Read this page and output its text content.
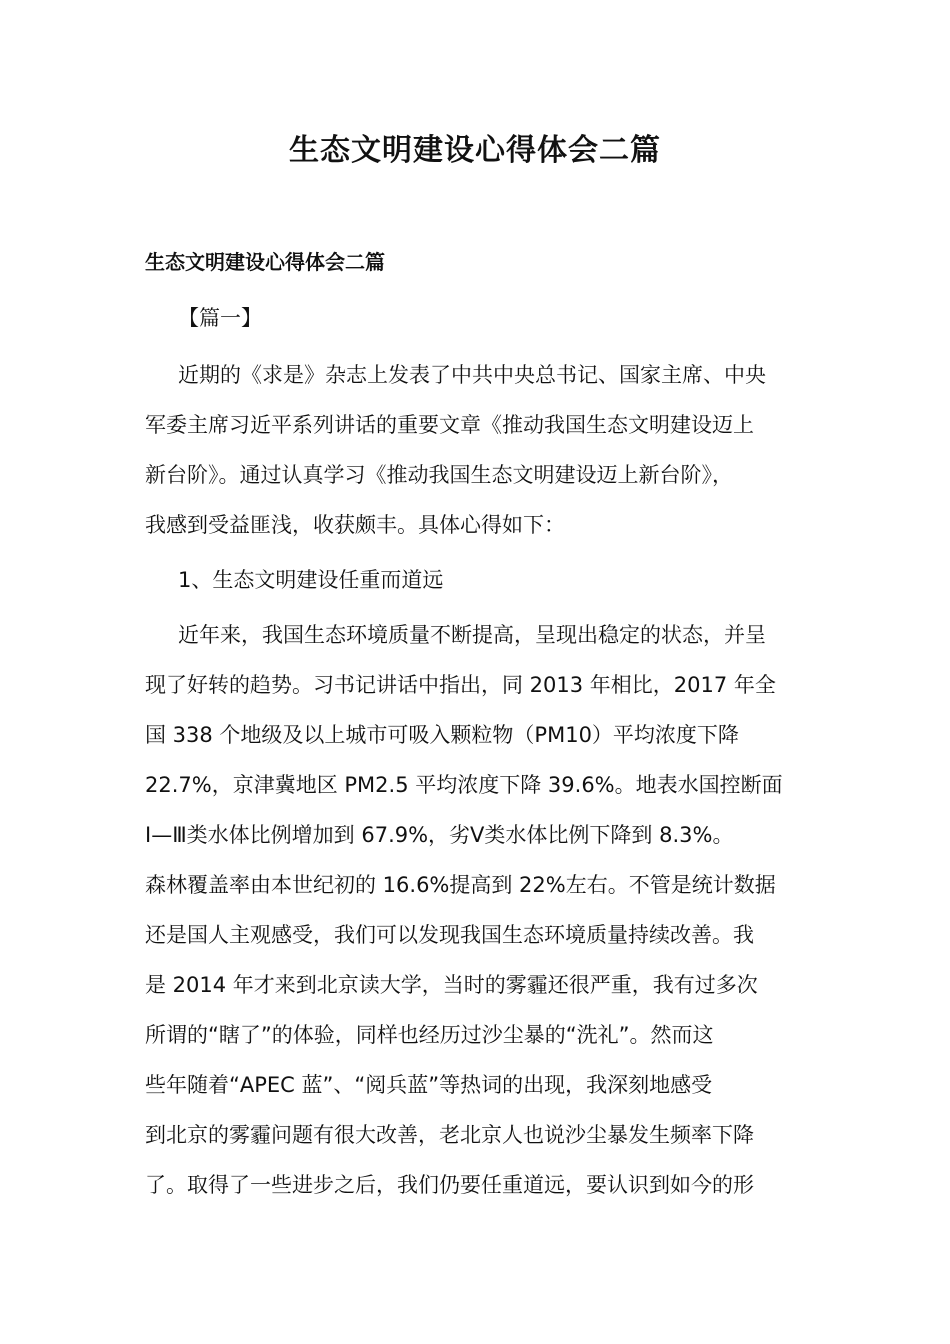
生态文明建设心得体会二篇
生态文明建设心得体会二篇
【篇一】

近期的《求是》杂志上发表了中共中央总书记、国家主席、中央
军委主席习近平系列讲话的重要文章《推动我国生态文明建设迈上
新台阶》。通过认真学习《推动我国生态文明建设迈上新台阶》，
我感到受益匪浅，收获颇丰。具体心得如下：

1、生态文明建设任重而道远

近年来，我国生态环境质量不断提高，呈现出稳定的状态，并呈
现了好转的趋势。习书记讲话中指出，同 2013 年相比，2017 年全
国 338 个地级及以上城市可吸入颗粒物（PM10）平均浓度下降
22.7%，京津冀地区 PM2.5 平均浓度下降 39.6%。地表水国控断面
Ⅰ—Ⅲ类水体比例增加到 67.9%，劣Ⅴ类水体比例下降到 8.3%。
森林覆盖率由本世纪初的 16.6%提高到 22%左右。不管是统计数据
还是国人主观感受，我们可以发现我国生态环境质量持续改善。我
是 2014 年才来到北京读大学，当时的雾霾还很严重，我有过多次
所谓的“瞎了”的体验，同样也经历过沙尘暴的“洗礼”。然而这
些年随着“APEC 蓝”、“阅兵蓝”等热词的出现，我深刻地感受
到北京的雾霾问题有很大改善，老北京人也说沙尘暴发生频率下降
了。取得了一些进步之后，我们仍要任重道远，要认识到如今的形
